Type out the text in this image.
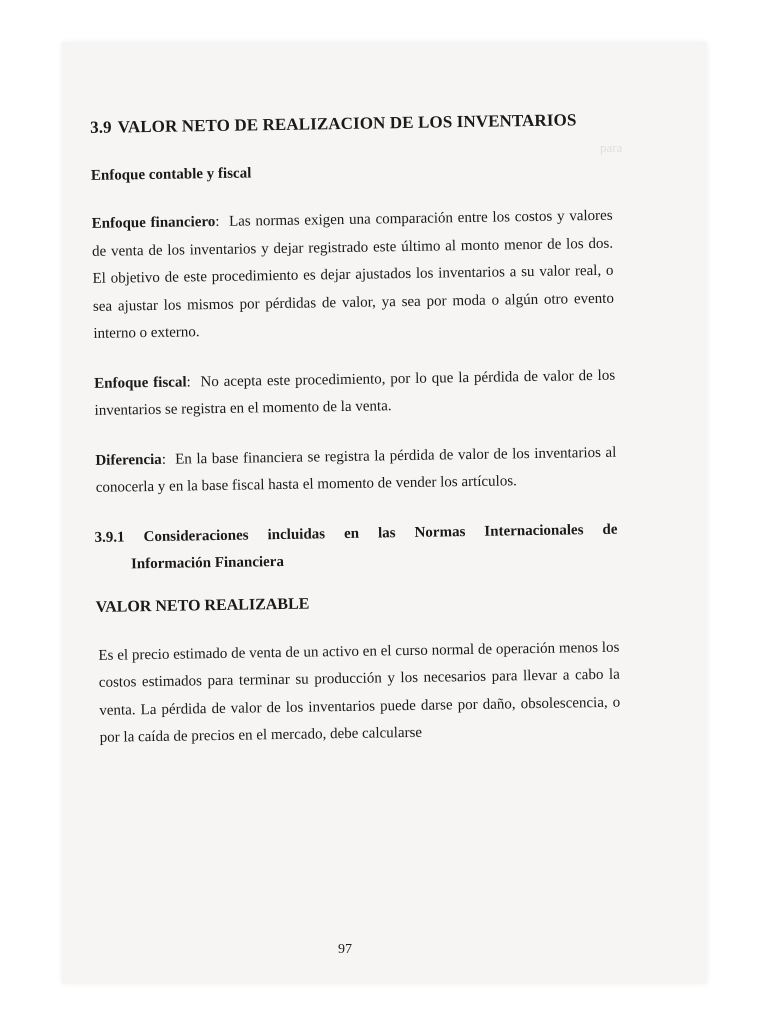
para
3.9 VALOR NETO DE REALIZACION DE LOS INVENTARIOS
Enfoque contable y fiscal

Enfoque financiero:  Las normas exigen una comparación entre los costos y valores de venta de los inventarios y dejar registrado este último al monto menor de los dos. El objetivo de este procedimiento es dejar ajustados los inventarios a su valor real, o sea ajustar los mismos por pérdidas de valor, ya sea por moda o algún otro evento interno o externo.

Enfoque fiscal:  No acepta este procedimiento, por lo que la pérdida de valor de los inventarios se registra en el momento de la venta.

Diferencia:  En la base financiera se registra la pérdida de valor de los inventarios al conocerla y en la base fiscal hasta el momento de vender los artículos.

3.9.1 Consideraciones incluidas en las Normas Internacionales de
Información Financiera
VALOR NETO REALIZABLE

Es el precio estimado de venta de un activo en el curso normal de operación menos los costos estimados para terminar su producción y los necesarios para llevar a cabo la venta. La pérdida de valor de los inventarios puede darse por daño, obsolescencia, o por la caída de precios en el mercado, debe calcularse

97
